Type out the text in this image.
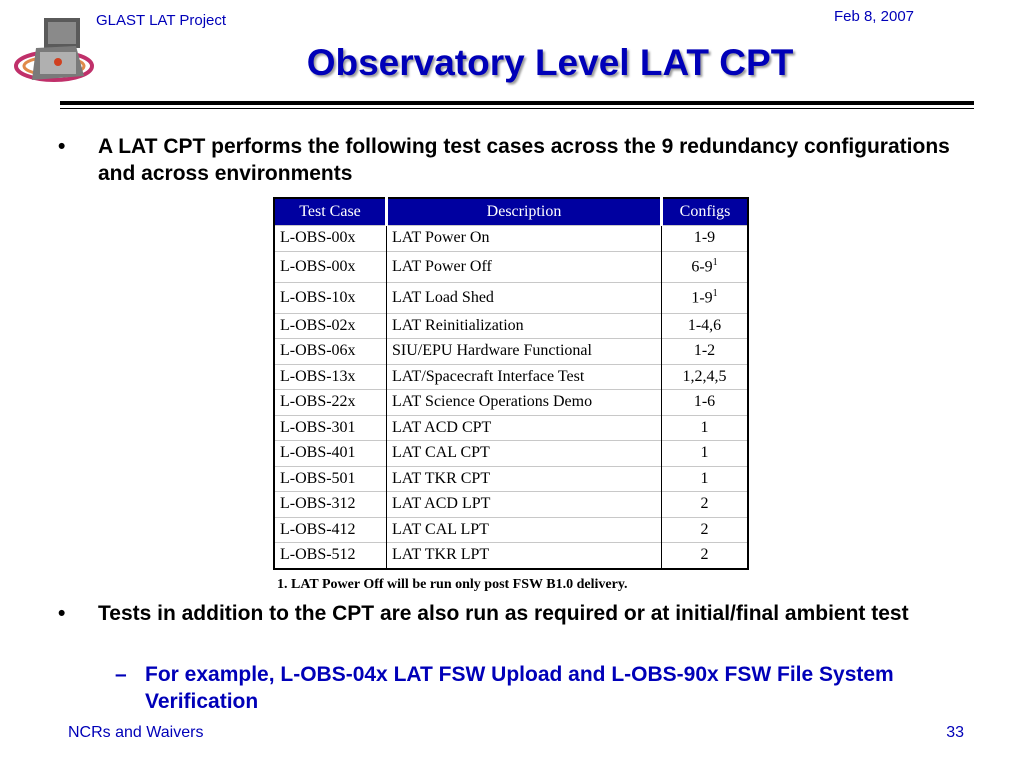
GLAST LAT Project	Feb 8, 2007
Observatory Level LAT CPT
• A LAT CPT performs the following test cases across the 9 redundancy configurations and across environments
Test Case	Description	Configs
L-OBS-00x	LAT Power On	1-9
L-OBS-00x	LAT Power Off	$6-9^1$
L-OBS-10x	LAT Load Shed	$1-9^1$
L-OBS-02x	LAT Reinitialization	1-4,6
L-OBS-06x	SIU/EPU Hardware Functional	1-2
L-OBS-13x	LAT/Spacecraft Interface Test	1,2,4,5
L-OBS-22x	LAT Science Operations Demo	1-6
L-OBS-301	LAT ACD CPT	1
L-OBS-401	LAT CAL CPT	1
L-OBS-501	LAT TKR CPT	1
L-OBS-312	LAT ACD LPT	2
L-OBS-412	LAT CAL LPT	2
L-OBS-512	LAT TKR LPT	2
1. LAT Power Off will be run only post FSW B1.0 delivery.
• Tests in addition to the CPT are also run as required or at initial/final ambient test
– For example, L-OBS-04x LAT FSW Upload and L-OBS-90x FSW File System Verification
NCRs and Waivers	33
